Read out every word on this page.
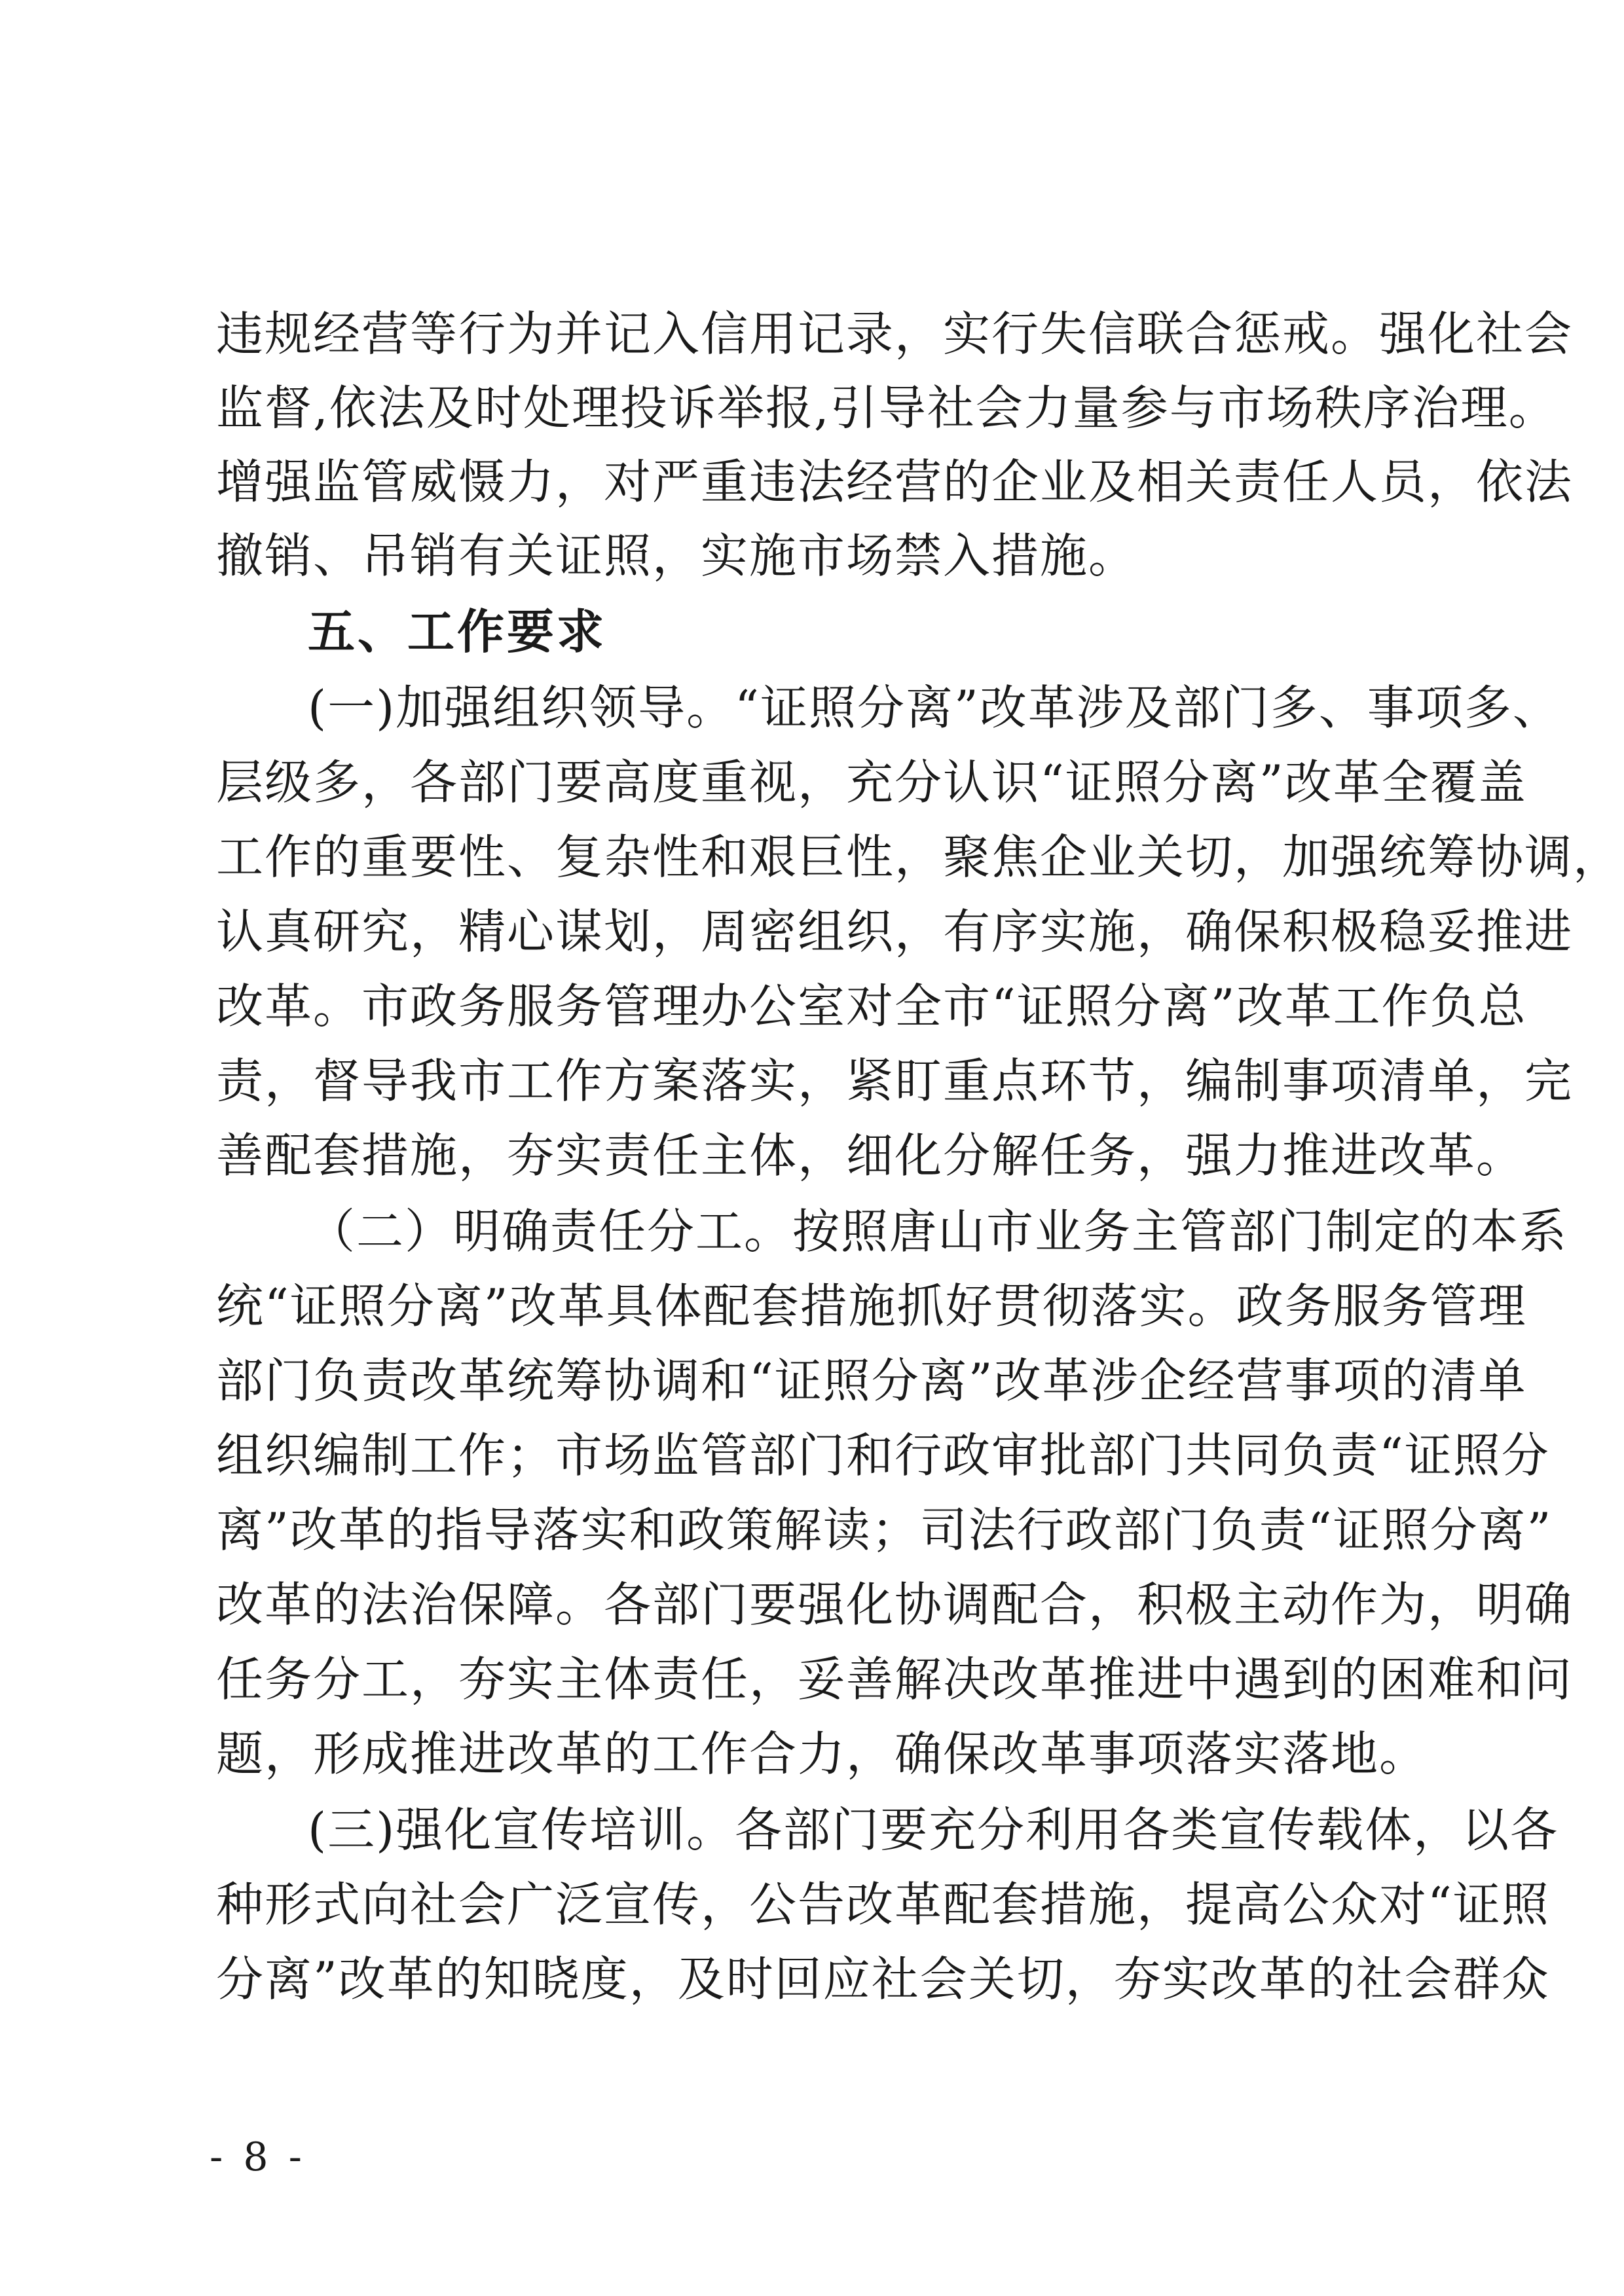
违规经营等行为并记入信用记录，实行失信联合惩戒。强化社会
监督,依法及时处理投诉举报,引导社会力量参与市场秩序治理。
增强监管威慑力，对严重违法经营的企业及相关责任人员，依法
撤销、吊销有关证照，实施市场禁入措施。
五、工作要求
(一)加强组织领导。“证照分离”改革涉及部门多、事项多、
层级多，各部门要高度重视，充分认识“证照分离”改革全覆盖
工作的重要性、复杂性和艰巨性，聚焦企业关切，加强统筹协调，
认真研究，精心谋划，周密组织，有序实施，确保积极稳妥推进
改革。市政务服务管理办公室对全市“证照分离”改革工作负总
责，督导我市工作方案落实，紧盯重点环节，编制事项清单，完
善配套措施，夯实责任主体，细化分解任务，强力推进改革。
（二）明确责任分工。按照唐山市业务主管部门制定的本系
统“证照分离”改革具体配套措施抓好贯彻落实。政务服务管理
部门负责改革统筹协调和“证照分离”改革涉企经营事项的清单
组织编制工作；市场监管部门和行政审批部门共同负责“证照分
离”改革的指导落实和政策解读；司法行政部门负责“证照分离”
改革的法治保障。各部门要强化协调配合，积极主动作为，明确
任务分工，夯实主体责任，妥善解决改革推进中遇到的困难和问
题，形成推进改革的工作合力，确保改革事项落实落地。
(三)强化宣传培训。各部门要充分利用各类宣传载体，以各
种形式向社会广泛宣传，公告改革配套措施，提高公众对“证照
分离”改革的知晓度，及时回应社会关切，夯实改革的社会群众
- 8 -
